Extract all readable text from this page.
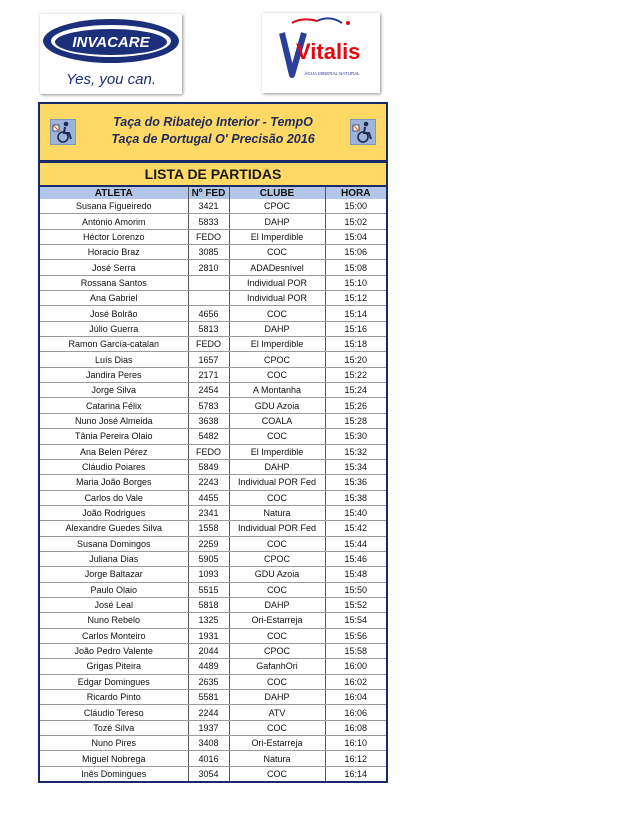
INVACARE
Yes, you can.
Vitalis
ÁGUA MINERAL NATURAL
Taça do Ribatejo Interior - TempO
Taça de Portugal O' Precisão 2016
LISTA DE PARTIDAS
ATLETA	Nº FED	CLUBE	HORA
Susana Figueiredo	3421	CPOC	15:00
António Amorim	5833	DAHP	15:02
Héctor Lorenzo	FEDO	El Imperdible	15:04
Horacio Braz	3085	COC	15:06
José Serra	2810	ADADesnível	15:08
Rossana Santos		Individual POR	15:10
Ana Gabriel		Individual POR	15:12
José Bolrão	4656	COC	15:14
Júlio Guerra	5813	DAHP	15:16
Ramon García-catalan	FEDO	El Imperdible	15:18
Luís Dias	1657	CPOC	15:20
Jandira Peres	2171	COC	15:22
Jorge Silva	2454	A Montanha	15:24
Catarina Félix	5783	GDU Azoia	15:26
Nuno José Almeida	3638	COALA	15:28
Tânia Pereira Olaio	5482	COC	15:30
Ana Belen Pérez	FEDO	El Imperdible	15:32
Cláudio Poiares	5849	DAHP	15:34
Maria João Borges	2243	Individual POR Fed	15:36
Carlos do Vale	4455	COC	15:38
João Rodrigues	2341	Natura	15:40
Alexandre Guedes Silva	1558	Individual POR Fed	15:42
Susana Domingos	2259	COC	15:44
Juliana Dias	5905	CPOC	15:46
Jorge Baltazar	1093	GDU Azoia	15:48
Paulo Olaio	5515	COC	15:50
José Leal	5818	DAHP	15:52
Nuno Rebelo	1325	Ori-Estarreja	15:54
Carlos Monteiro	1931	COC	15:56
João Pedro Valente	2044	CPOC	15:58
Grigas Piteira	4489	GafanhOri	16:00
Edgar Domingues	2635	COC	16:02
Ricardo Pinto	5581	DAHP	16:04
Cláudio Tereso	2244	ATV	16:06
Tozé Silva	1937	COC	16:08
Nuno Pires	3408	Ori-Estarreja	16:10
Miguel Nobrega	4016	Natura	16:12
Inês Domingues	3054	COC	16:14
